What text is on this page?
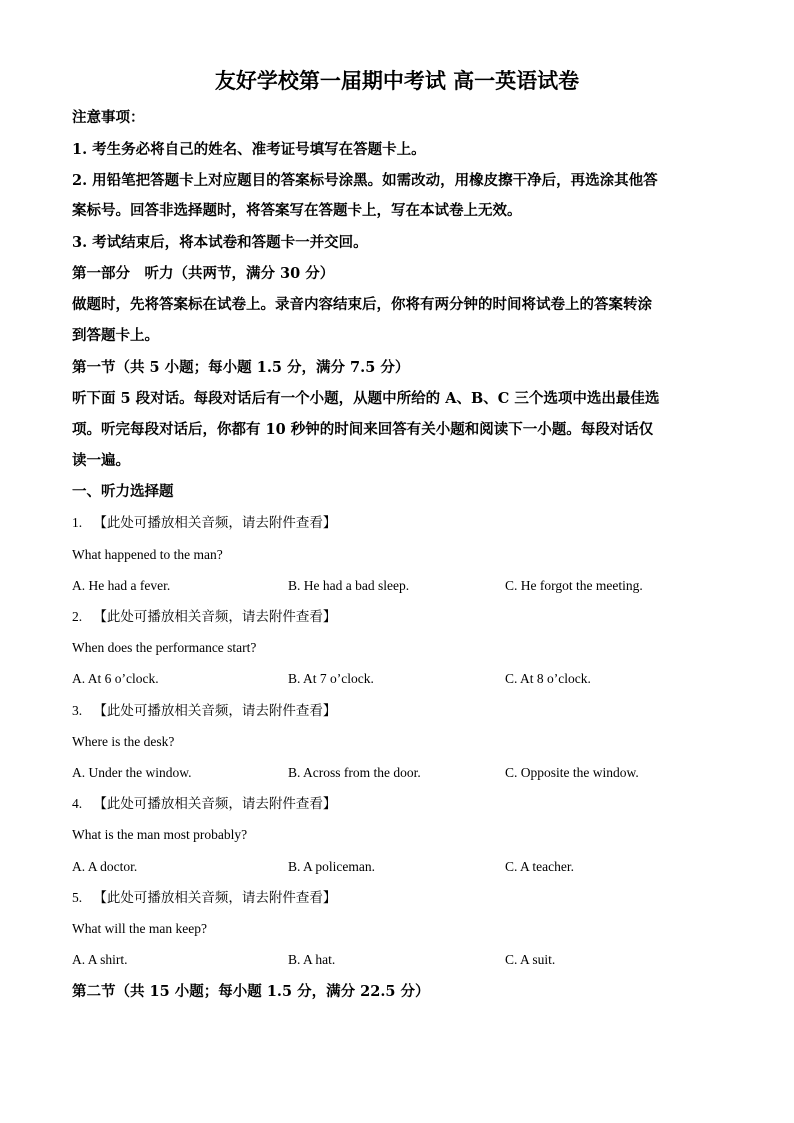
友好学校第一届期中考试 高一英语试卷
注意事项：
1. 考生务必将自己的姓名、准考证号填写在答题卡上。
2. 用铅笔把答题卡上对应题目的答案标号涂黑。如需改动，用橡皮擦干净后，再选涂其他答
案标号。回答非选择题时，将答案写在答题卡上，写在本试卷上无效。
3. 考试结束后，将本试卷和答题卡一并交回。
第一部分　听力（共两节，满分 30 分）
做题时，先将答案标在试卷上。录音内容结束后，你将有两分钟的时间将试卷上的答案转涂
到答题卡上。
第一节（共 5 小题；每小题 1.5 分，满分 7.5 分）
听下面 5 段对话。每段对话后有一个小题，从题中所给的 A、B、C 三个选项中选出最佳选
项。听完每段对话后，你都有 10 秒钟的时间来回答有关小题和阅读下一小题。每段对话仅
读一遍。
一、听力选择题
1. 【此处可播放相关音频，请去附件查看】
What happened to the man?
A. He had a fever.	B. He had a bad sleep.	C. He forgot the meeting.
2. 【此处可播放相关音频，请去附件查看】
When does the performance start?
A. At 6 o’clock.	B. At 7 o’clock.	C. At 8 o’clock.
3. 【此处可播放相关音频，请去附件查看】
Where is the desk?
A. Under the window.	B. Across from the door.	C. Opposite the window.
4. 【此处可播放相关音频，请去附件查看】
What is the man most probably?
A. A doctor.	B. A policeman.	C. A teacher.
5. 【此处可播放相关音频，请去附件查看】
What will the man keep?
A. A shirt.	B. A hat.	C. A suit.
第二节（共 15 小题；每小题 1.5 分，满分 22.5 分）
